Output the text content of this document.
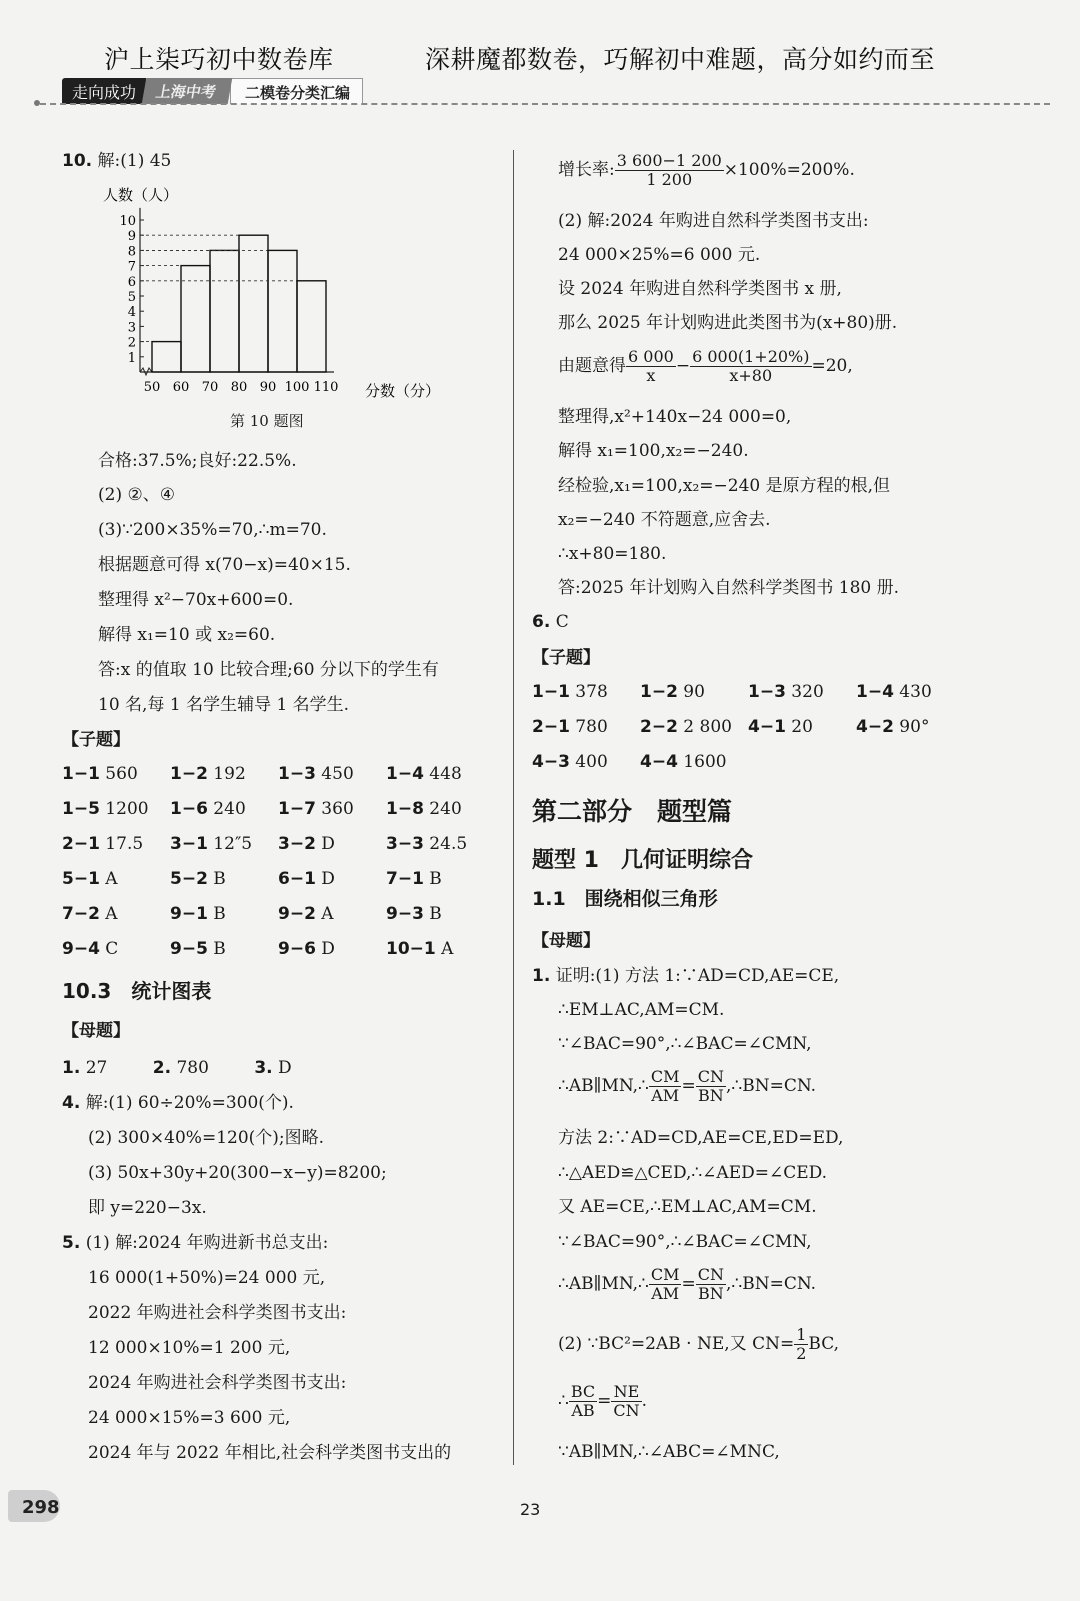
沪上柒巧初中数卷库	深耕魔都数卷，巧解初中难题，高分如约而至
走向成功	上海中考	二模卷分类汇编
10. 解:(1) 45
人数（人）
分数（分）
1
2
3
4
5
6
7
8
9
10
50 60 70 80 90 100 110
第 10 题图
合格:37.5%;良好:22.5%.
(2) ②、④
(3)∵200×35%=70,∴m=70.
根据题意可得 x(70−x)=40×15.
整理得 x²−70x+600=0.
解得 x₁=10 或 x₂=60.
答:x 的值取 10 比较合理;60 分以下的学生有
10 名,每 1 名学生辅导 1 名学生.
【子题】
1−1 560 1−2 192 1−3 450 1−4 448
1−5 1200 1−6 240 1−7 360 1−8 240
2−1 17.5 3−1 12″5 3−2 D	3−3 24.5
5−1 A	5−2 B	6−1 D	7−1 B
7−2 A	9−1 B	9−2 A	9−3 B
9−4 C	9−5 B	9−6 D	10−1 A
10.3　统计图表
【母题】
1. 27	2. 780	3. D
4. 解:(1) 60÷20%=300(个).
(2) 300×40%=120(个);图略.
(3) 50x+30y+20(300−x−y)=8200;
即 y=220−3x.
5. (1) 解:2024 年购进新书总支出:
16 000(1+50%)=24 000 元,
2022 年购进社会科学类图书支出:
12 000×10%=1 200 元,
2024 年购进社会科学类图书支出:
24 000×15%=3 600 元,
2024 年与 2022 年相比,社会科学类图书支出的
增长率: $\frac{3 600-1 200}{1 200} \times 100\%=200\%$.
(2) 解:2024 年购进自然科学类图书支出:
24 000×25%=6 000 元.
设 2024 年购进自然科学类图书 x 册,
那么 2025 年计划购进此类图书为(x+80)册.
由题意得 $\frac{6 000}{x} - \frac{6 000(1+20\%)}{x+80} =20$,
整理得,x²+140x−24 000=0,
解得 x₁=100,x₂=−240.
经检验,x₁=100,x₂=−240 是原方程的根,但
x₂=−240 不符题意,应舍去.
∴x+80=180.
答:2025 年计划购入自然科学类图书 180 册.
6. C
【子题】
1−1 378 1−2 90	1−3 320 1−4 430
2−1 780 2−2 2 800 4−1 20	4−2 90°
4−3 400 4−4 1600
第二部分　题型篇
题型 1　几何证明综合
1.1　围绕相似三角形
【母题】
1. 证明:(1) 方法 1:∵AD=CD,AE=CE,
∴EM⊥AC,AM=CM.
∵∠BAC=90°,∴∠BAC=∠CMN,
∴AB∥MN,∴ $\frac{CM}{AM} = \frac{CN}{BN}$ ,∴BN=CN.
方法 2:∵AD=CD,AE=CE,ED=ED,
∴△AED≌△CED,∴∠AED=∠CED.
又 AE=CE,∴EM⊥AC,AM=CM.
∵∠BAC=90°,∴∠BAC=∠CMN,
∴AB∥MN,∴ $\frac{CM}{AM} = \frac{CN}{BN}$ ,∴BN=CN.
(2) ∵BC²=2AB · NE,又 $CN= \frac{1}{2}$ BC,
∴ $\frac{BC}{AB} = \frac{NE}{CN}$ .
∵AB∥MN,∴∠ABC=∠MNC,
298	23
